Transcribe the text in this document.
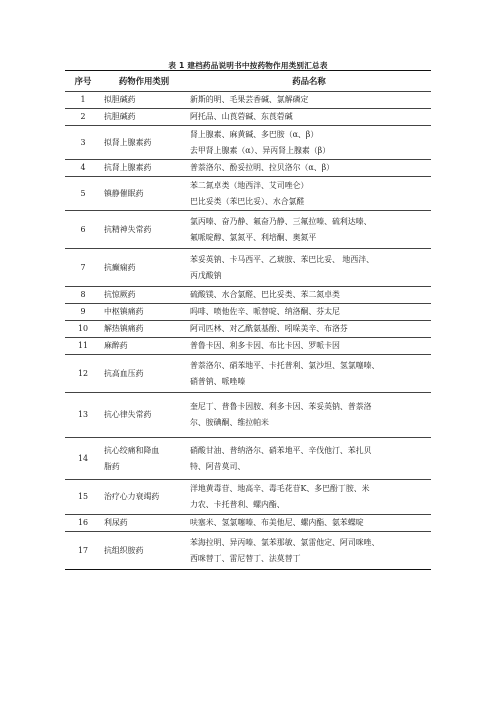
表 1 建档药品说明书中按药物作用类别汇总表
序号	药物作用类别	药品名称
1	拟胆碱药	新斯的明、毛果芸香碱、氯解磷定

2	抗胆碱药	阿托品、山莨菪碱、东莨菪碱

3	拟肾上腺素药	肾上腺素、麻黄碱、多巴胺（α、β）
去甲肾上腺素（α）、异丙肾上腺素（β）

4	抗肾上腺素药	普萘洛尔、酚妥拉明、拉贝洛尔（α、β）

5	镇静催眠药	苯二氮卓类（地西泮、艾司唑仑）
巴比妥类（苯巴比妥）、水合氯醛

6	抗精神失常药	氯丙嗪、奋乃静、氟奋乃静、三氟拉嗪、硫利达嗪、
氟哌啶醇、氯氮平、利培酮、奥氮平

7	抗癫痫药	苯妥英钠、卡马西平、乙琥胺、苯巴比妥、 地西泮、
丙戊酸钠

8	抗惊厥药	硫酸镁、水合氯醛、巴比妥类、苯二氮卓类

9	中枢镇痛药	吗啡、喷他佐辛、哌替啶、纳洛酮、芬太尼

10	解热镇痛药	阿司匹林、对乙酰氨基酚、吲哚美辛、布洛芬

11	麻醉药	普鲁卡因、利多卡因、布比卡因、罗哌卡因

12	抗高血压药	普萘洛尔、硝苯地平、卡托普利、氯沙坦、氢氯噻嗪、
硝普钠、哌唑嗪

13	抗心律失常药	奎尼丁、普鲁卡因胺、利多卡因、苯妥英钠、普萘洛
尔、胺碘酮、维拉帕米

14	抗心绞痛和降血
脂药	硝酸甘油、普纳洛尔、硝苯地平、辛伐他汀、苯扎贝
特、阿昔莫司、

15	治疗心力衰竭药	洋地黄毒苷、地高辛、毒毛花苷K、多巴酚丁胺、米
力农、卡托普利、螺内酯、

16	利尿药	呋塞米、氢氯噻嗪、布美他尼、螺内酯、氨苯蝶啶

17	抗组织胺药	苯海拉明、异丙嗪、氯苯那敏、氯雷他定、阿司咪唑、
西咪替丁、雷尼替丁、法莫替丁
